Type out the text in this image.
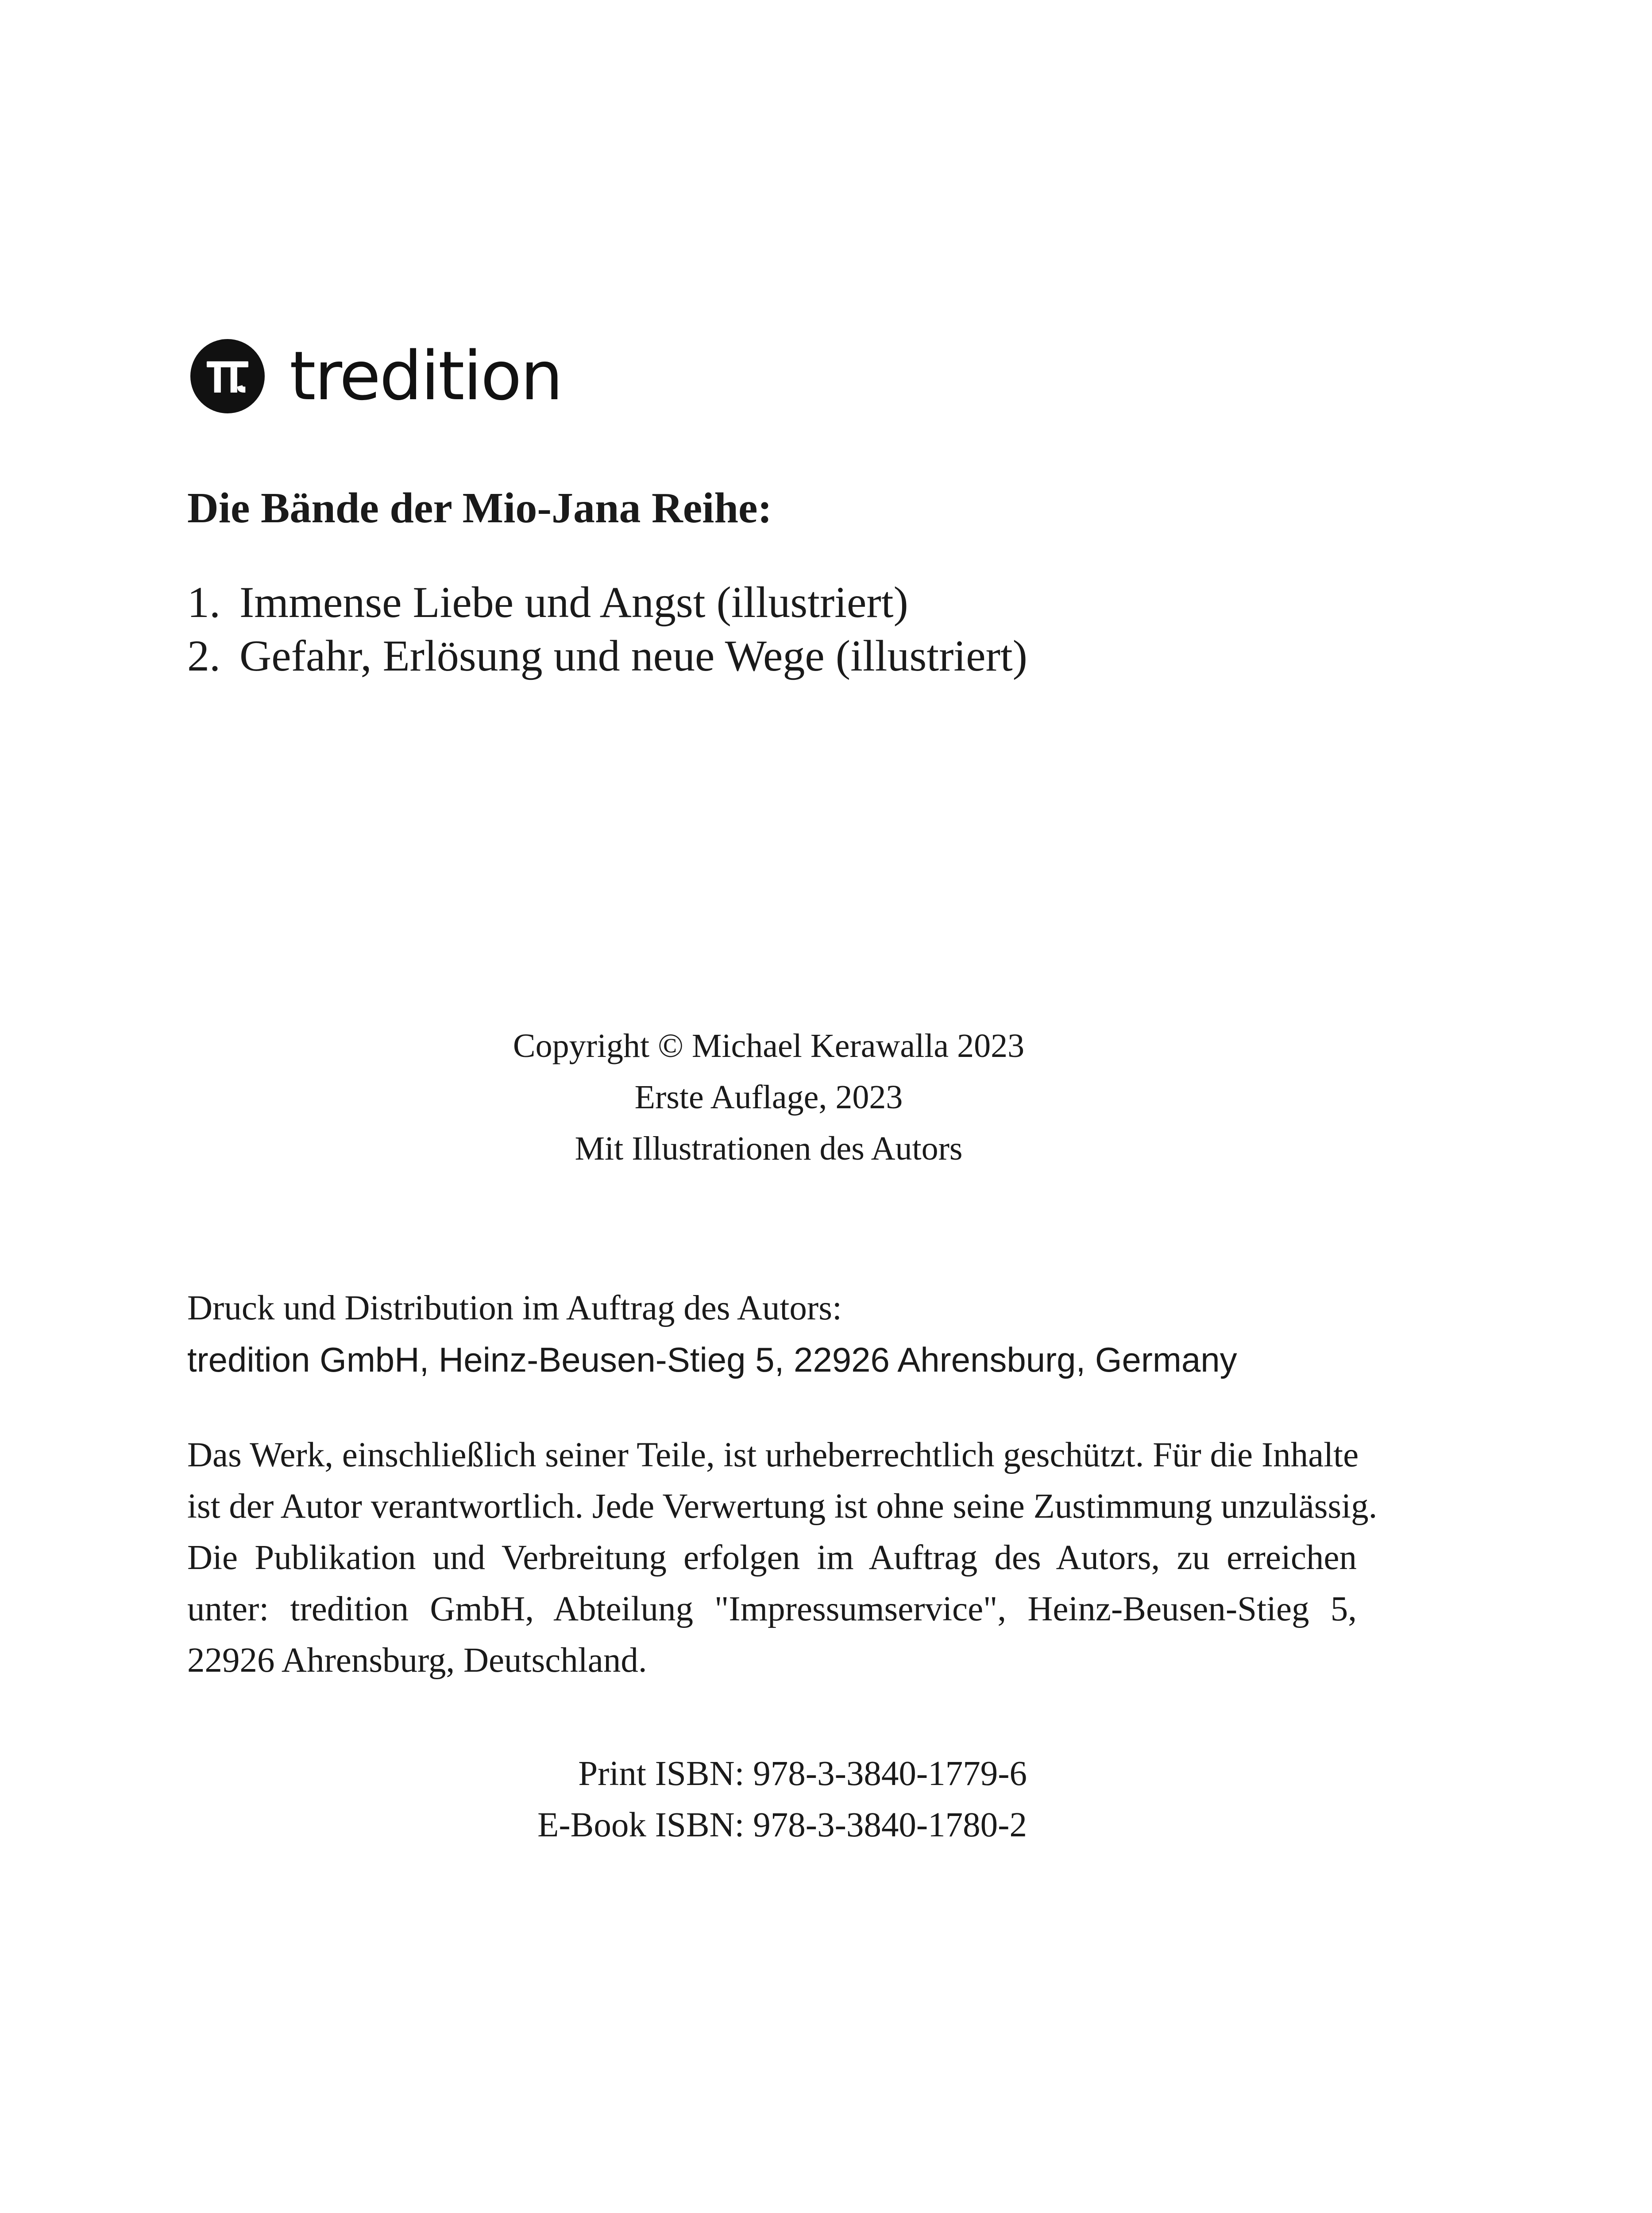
tredition
Die Bände der Mio-Jana Reihe:
1. Immense Liebe und Angst (illustriert)
2. Gefahr, Erlösung und neue Wege (illustriert)
Copyright © Michael Kerawalla 2023
Erste Auflage, 2023
Mit Illustrationen des Autors
Druck und Distribution im Auftrag des Autors:
tredition GmbH, Heinz-Beusen-Stieg 5, 22926 Ahrensburg, Germany

Das Werk, einschließlich seiner Teile, ist urheberrechtlich geschützt. Für die Inhalte
ist der Autor verantwortlich. Jede Verwertung ist ohne seine Zustimmung unzulässig.
Die Publikation und Verbreitung erfolgen im Auftrag des Autors, zu erreichen
unter: tredition GmbH, Abteilung "Impressumservice", Heinz-Beusen-Stieg 5,
22926 Ahrensburg, Deutschland.

Print ISBN: 978-3-3840-1779-6
E-Book ISBN: 978-3-3840-1780-2
